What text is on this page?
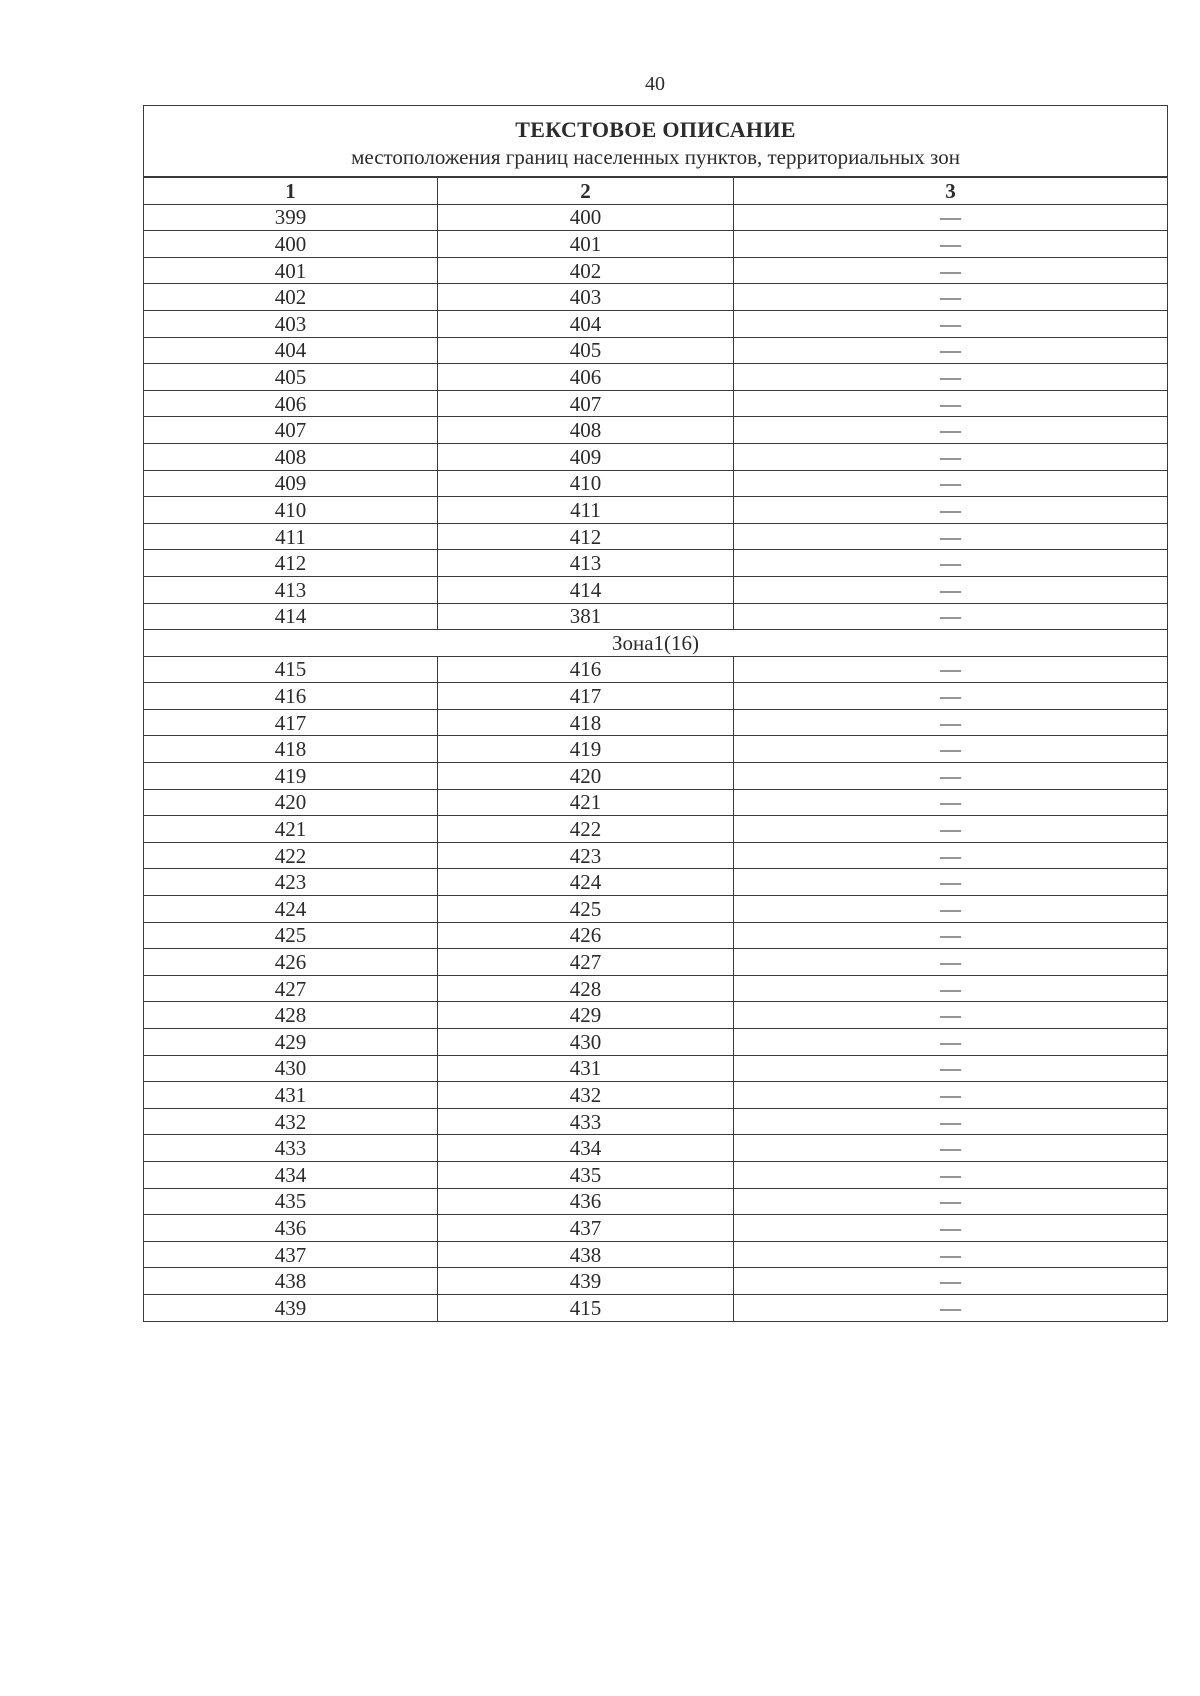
40
ТЕКСТОВОЕ ОПИСАНИЕ
местоположения границ населенных пунктов, территориальных зон		

1	2	3
399	400	—
400	401	—
401	402	—
402	403	—
403	404	—
404	405	—
405	406	—
406	407	—
407	408	—
408	409	—
409	410	—
410	411	—
411	412	—
412	413	—
413	414	—
414	381	—
Зона1(16)		
415	416	—
416	417	—
417	418	—
418	419	—
419	420	—
420	421	—
421	422	—
422	423	—
423	424	—
424	425	—
425	426	—
426	427	—
427	428	—
428	429	—
429	430	—
430	431	—
431	432	—
432	433	—
433	434	—
434	435	—
435	436	—
436	437	—
437	438	—
438	439	—
439	415	—
